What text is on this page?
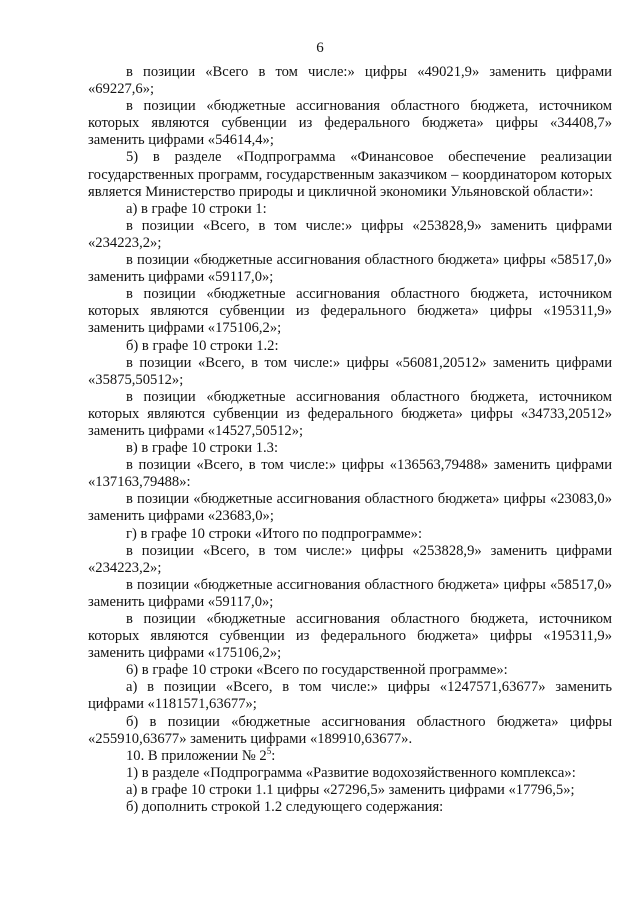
6

в позиции «Всего в том числе:» цифры «49021,9» заменить цифрами «69227,6»;

в позиции «бюджетные ассигнования областного бюджета, источником которых являются субвенции из федерального бюджета» цифры «34408,7» заменить цифрами «54614,4»;

5) в разделе «Подпрограмма «Финансовое обеспечение реализации государственных программ, государственным заказчиком – координатором которых является Министерство природы и цикличной экономики Ульяновской области»:

а) в графе 10 строки 1:

в позиции «Всего, в том числе:» цифры «253828,9» заменить цифрами «234223,2»;

в позиции «бюджетные ассигнования областного бюджета» цифры «58517,0» заменить цифрами «59117,0»;

в позиции «бюджетные ассигнования областного бюджета, источником которых являются субвенции из федерального бюджета» цифры «195311,9» заменить цифрами «175106,2»;

б) в графе 10 строки 1.2:

в позиции «Всего, в том числе:» цифры «56081,20512» заменить цифрами «35875,50512»;

в позиции «бюджетные ассигнования областного бюджета, источником которых являются субвенции из федерального бюджета» цифры «34733,20512» заменить цифрами «14527,50512»;

в) в графе 10 строки 1.3:

в позиции «Всего, в том числе:» цифры «136563,79488» заменить цифрами «137163,79488»:

в позиции «бюджетные ассигнования областного бюджета» цифры «23083,0» заменить цифрами «23683,0»;

г) в графе 10 строки «Итого по подпрограмме»:

в позиции «Всего, в том числе:» цифры «253828,9» заменить цифрами «234223,2»;

в позиции «бюджетные ассигнования областного бюджета» цифры «58517,0» заменить цифрами «59117,0»;

в позиции «бюджетные ассигнования областного бюджета, источником которых являются субвенции из федерального бюджета» цифры «195311,9» заменить цифрами «175106,2»;

6) в графе 10 строки «Всего по государственной программе»:

а) в позиции «Всего, в том числе:» цифры «1247571,63677» заменить цифрами «1181571,63677»;

б) в позиции «бюджетные ассигнования областного бюджета» цифры «255910,63677» заменить цифрами «189910,63677».

10. В приложении № $2^5$:

1) в разделе «Подпрограмма «Развитие водохозяйственного комплекса»:

а) в графе 10 строки 1.1 цифры «27296,5» заменить цифрами «17796,5»;

б) дополнить строкой 1.2 следующего содержания:
